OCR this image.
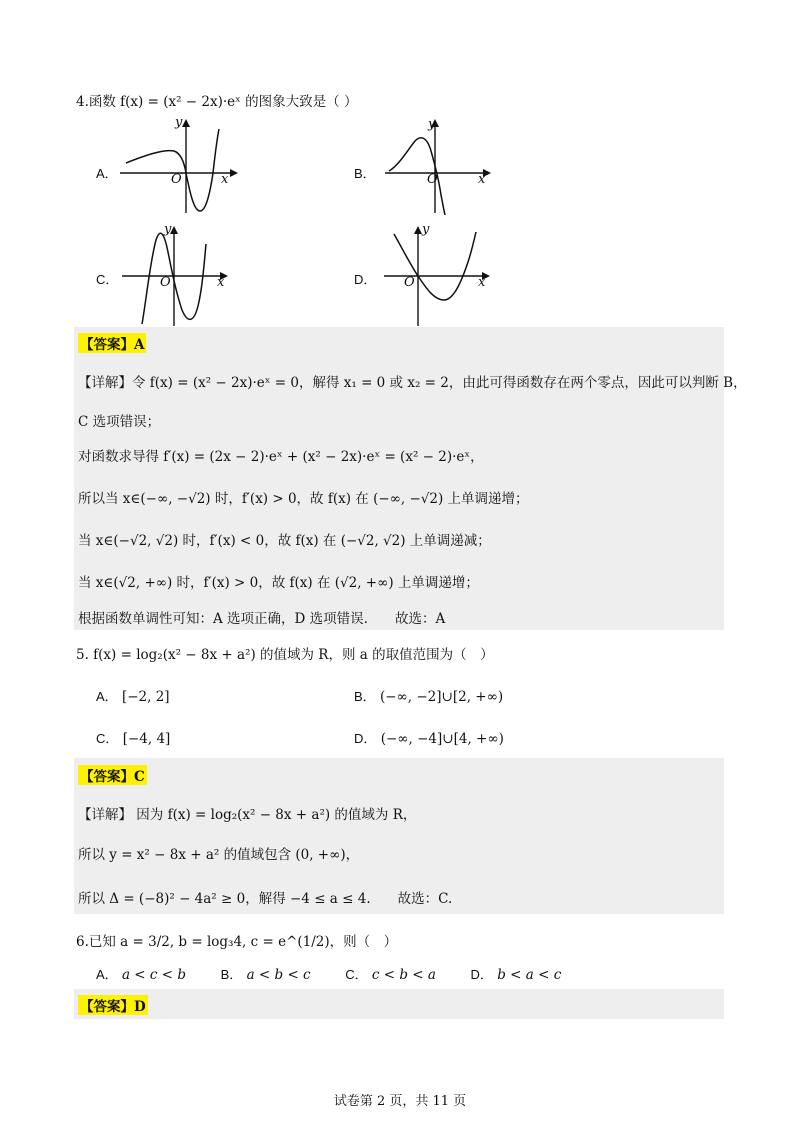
4.函数 f(x) = (x² − 2x)·eˣ 的图象大致是（ ）
A．	O	x
y
B．	O	x
y
C．	O	x
y
D． O	x
y
【答案】A
【详解】令 f(x) = (x² − 2x)·eˣ = 0，解得 x₁ = 0 或 x₂ = 2，由此可得函数存在两个零点，因此可以判断 B，
C 选项错误；
对函数求导得 f′(x) = (2x − 2)·eˣ + (x² − 2x)·eˣ = (x² − 2)·eˣ，
所以当 x∈(−∞, −√2) 时，f′(x) > 0，故 f(x) 在 (−∞, −√2) 上单调递增；
当 x∈(−√2, √2) 时，f′(x) < 0，故 f(x) 在 (−√2, √2) 上单调递减；
当 x∈(√2, +∞) 时，f′(x) > 0，故 f(x) 在 (√2, +∞) 上单调递增；
根据函数单调性可知：A 选项正确，D 选项错误.　　故选：A
5. f(x) = log₂(x² − 8x + a²) 的值域为 R，则 a 的取值范围为（　）
A． [−2, 2]	B． (−∞, −2]∪[2, +∞)
C． [−4, 4]	D． (−∞, −4]∪[4, +∞)
【答案】C
【详解】 因为 f(x) = log₂(x² − 8x + a²) 的值域为 R，
所以 y = x² − 8x + a² 的值域包含 (0, +∞)，
所以 Δ = (−8)² − 4a² ≥ 0，解得 −4 ≤ a ≤ 4.　　故选：C.
6.已知 a = 3/2, b = log₃4, c = e^(1/2)，则（　）
A． a < c < b	B． a < b < c	C． c < b < a	D． b < a < c
【答案】D
试卷第 2 页，共 11 页
